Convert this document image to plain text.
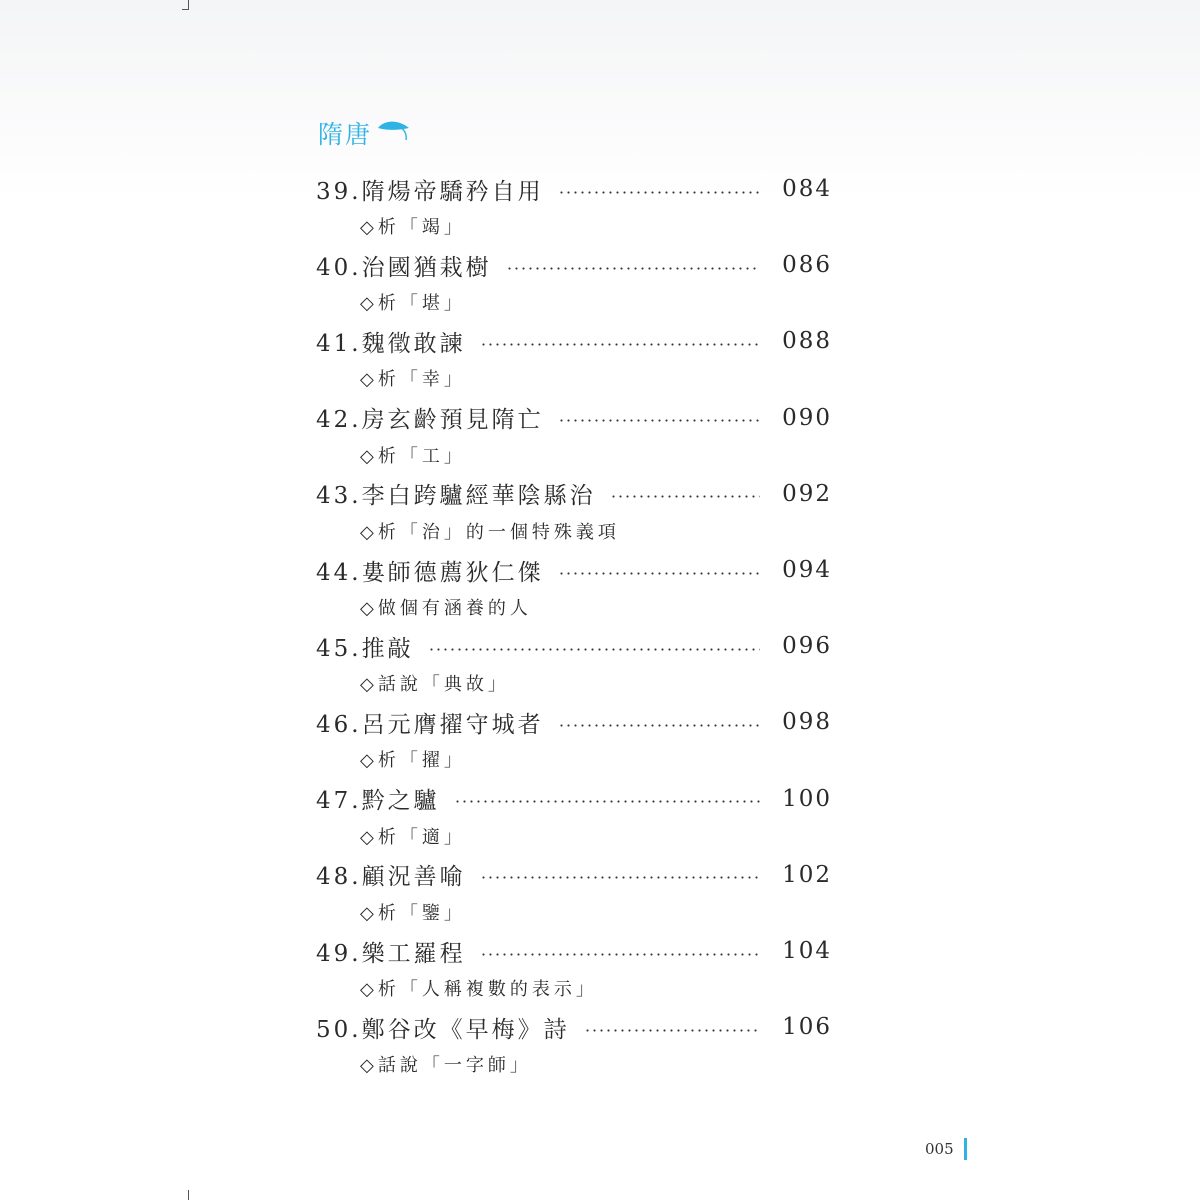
隋唐
39.隋煬帝驕矜自用	084
◇析「竭」
40.治國猶栽樹	086
◇析「堪」
41.魏徵敢諫	088
◇析「幸」
42.房玄齡預見隋亡	090
◇析「工」
43.李白跨驢經華陰縣治	092
◇析「治」的一個特殊義項
44.婁師德薦狄仁傑	094
◇做個有涵養的人
45.推敲	096
◇話說「典故」
46.呂元膺擢守城者	098
◇析「擢」
47.黔之驢	100
◇析「適」
48.顧況善喻	102
◇析「鑒」
49.樂工羅程	104
◇析「人稱複數的表示」
50.鄭谷改《早梅》詩	106
◇話說「一字師」
005
